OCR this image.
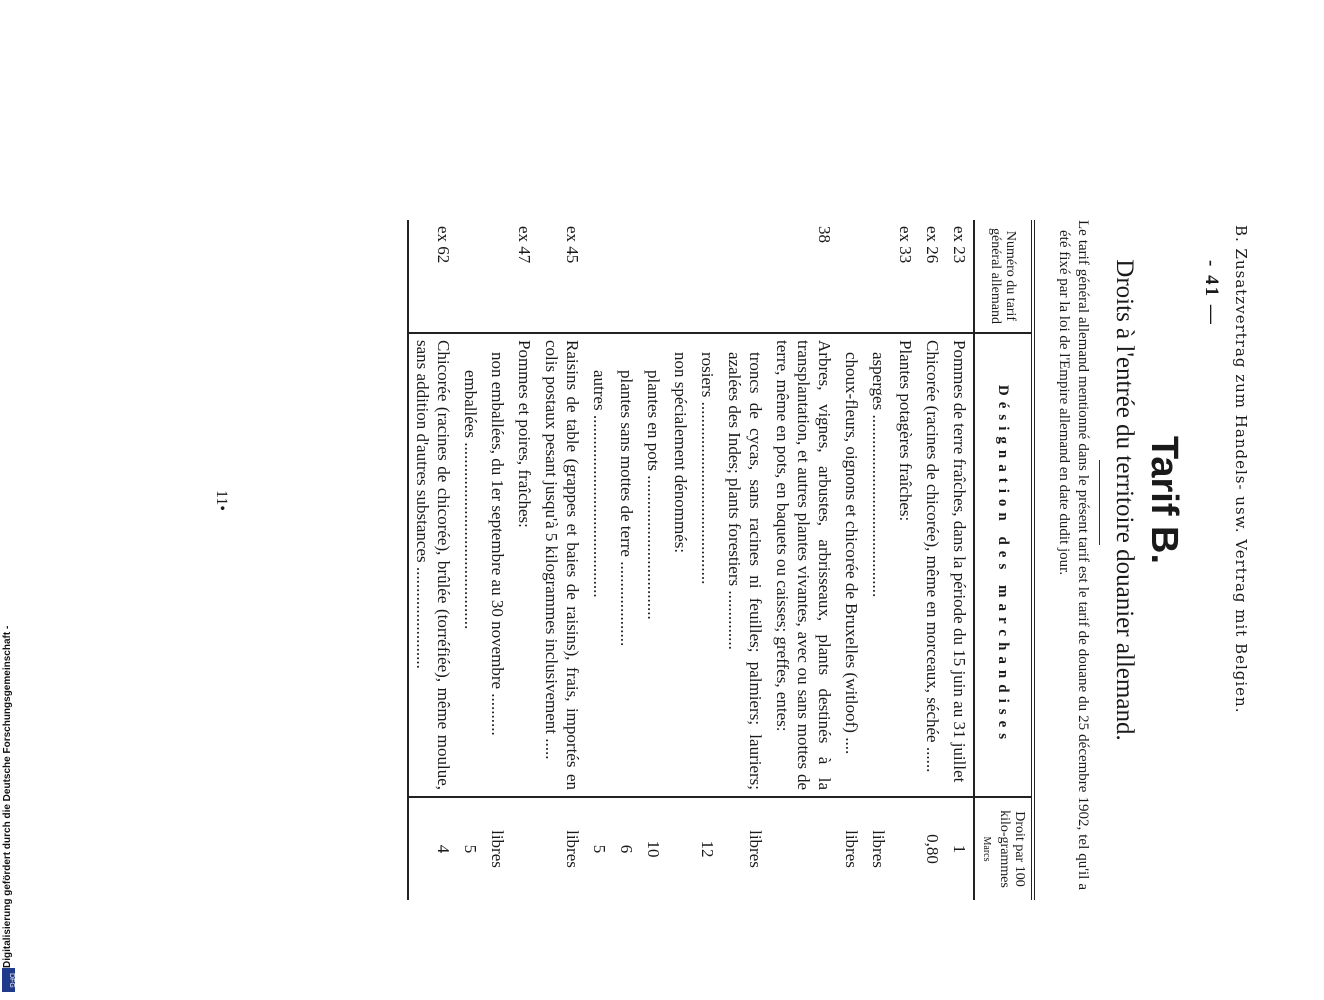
Digitalisierung gefördert durch die Deutsche Forschungsgemeinschaft -
DFG
B. Zusatzvertrag zum Handels- usw. Vertrag mit Belgien.
- 41 —
Tarif B.
Droits à l'entrée du territoire douanier allemand.
Le tarif général allemand mentionné dans le présent tarif est le tarif de douane du 25 décembre 1902, tel qu'il a été fixé par la loi de l'Empire allemand en date dudit jour.
Numéro du tarif général allemand	Désignation des marchandises	Droit par 100 kilo-grammes
Marcs

ex 23	Pommes de terre fraîches, dans la période du 15 juin au 31 juillet	1
ex 26	Chicorée (racines de chicorée), même en morceaux, séchée ......	0,80
ex 33	Plantes potagères fraîches:	
	asperges ...........................................	libres
	choux-fleurs, oignons et chicorée de Bruxelles (witloof) ....	libres
38	Arbres, vignes, arbustes, arbrisseaux, plants destinés à la transplantation, et autres plantes vivantes, avec ou sans mottes de terre, même en pots, en baquets ou caisses; greffes, entes:	
	troncs de cycas, sans racines ni feuilles; palmiers; lauriers; azalées des Indes; plants forestiers ..............	libres
	rosiers ...........................................	12
	non spécialement dénommés:	
	plantes en pots ..................................	10
	plantes sans mottes de terre ....................	6
	autres ...........................................	5
ex 45	Raisins de table (grappes et baies de raisins), frais, importés en colis postaux pesant jusqu'à 5 kilogrammes inclusivement .....	libres
ex 47	Pommes et poires, fraîches:	
	non emballées, du 1er septembre au 30 novembre ..........	libres
	emballées ............................................	5
ex 62	Chicorée (racines de chicorée), brûlée (torréfiée), même moulue, sans addition d'autres substances ........................	4
11•
